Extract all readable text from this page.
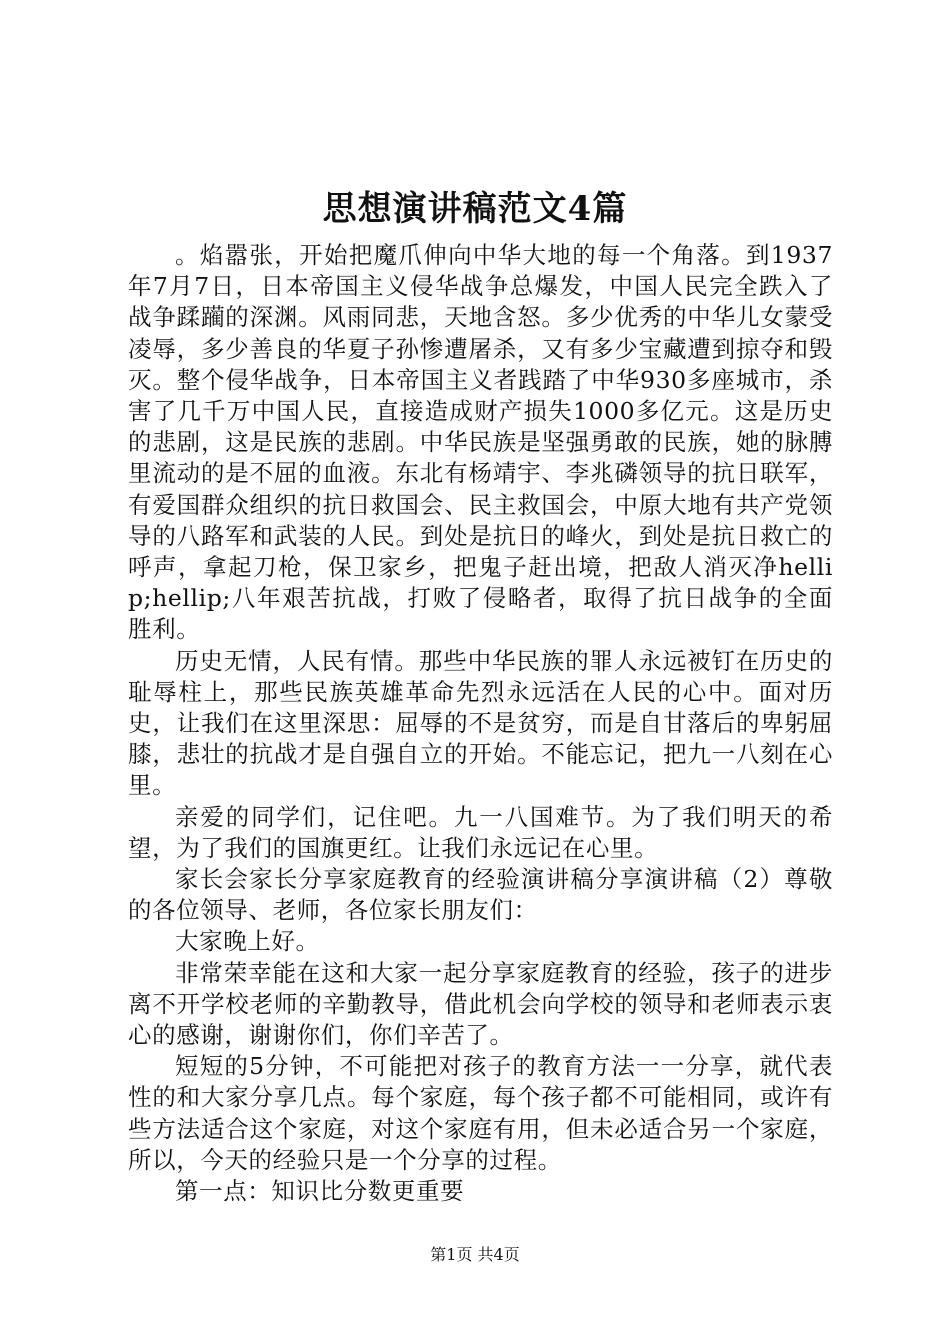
思想演讲稿范文4篇

。焰嚣张，开始把魔爪伸向中华大地的每一个角落。到1937年7月7日，日本帝国主义侵华战争总爆发，中国人民完全跌入了战争蹂躏的深渊。风雨同悲，天地含怒。多少优秀的中华儿女蒙受凌辱，多少善良的华夏子孙惨遭屠杀，又有多少宝藏遭到掠夺和毁灭。整个侵华战争，日本帝国主义者践踏了中华930多座城市，杀害了几千万中国人民，直接造成财产损失1000多亿元。这是历史的悲剧，这是民族的悲剧。中华民族是坚强勇敢的民族，她的脉膊里流动的是不屈的血液。东北有杨靖宇、李兆磷领导的抗日联军，有爱国群众组织的抗日救国会、民主救国会，中原大地有共产党领导的八路军和武装的人民。到处是抗日的峰火，到处是抗日救亡的呼声，拿起刀枪，保卫家乡，把鬼子赶出境，把敌人消灭净hellip;hellip;八年艰苦抗战，打败了侵略者，取得了抗日战争的全面胜利。

历史无情，人民有情。那些中华民族的罪人永远被钉在历史的耻辱柱上，那些民族英雄革命先烈永远活在人民的心中。面对历史，让我们在这里深思：屈辱的不是贫穷，而是自甘落后的卑躬屈膝，悲壮的抗战才是自强自立的开始。不能忘记，把九一八刻在心里。

亲爱的同学们，记住吧。九一八国难节。为了我们明天的希望，为了我们的国旗更红。让我们永远记在心里。

家长会家长分享家庭教育的经验演讲稿分享演讲稿（2）尊敬的各位领导、老师，各位家长朋友们：

大家晚上好。

非常荣幸能在这和大家一起分享家庭教育的经验，孩子的进步离不开学校老师的辛勤教导，借此机会向学校的领导和老师表示衷心的感谢，谢谢你们，你们辛苦了。

短短的5分钟，不可能把对孩子的教育方法一一分享，就代表性的和大家分享几点。每个家庭，每个孩子都不可能相同，或许有些方法适合这个家庭，对这个家庭有用，但未必适合另一个家庭，所以，今天的经验只是一个分享的过程。

第一点：知识比分数更重要

第1页 共4页
